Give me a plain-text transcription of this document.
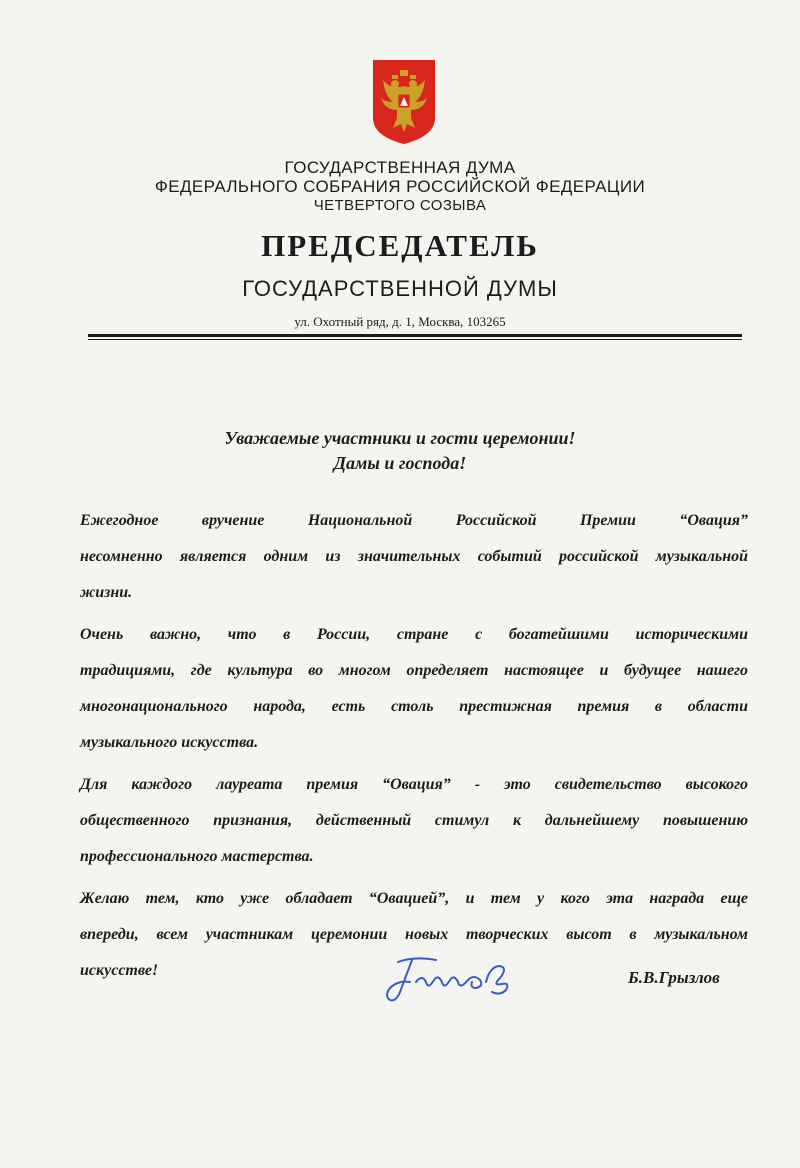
ГОСУДАРСТВЕННАЯ ДУМА
ФЕДЕРАЛЬНОГО СОБРАНИЯ РОССИЙСКОЙ ФЕДЕРАЦИИ
ЧЕТВЕРТОГО СОЗЫВА
ПРЕДСЕДАТЕЛЬ
ГОСУДАРСТВЕННОЙ ДУМЫ
ул. Охотный ряд, д. 1, Москва, 103265
Уважаемые участники и гости церемонии!
Дамы и господа!
Ежегодное вручение Национальной Российской Премии “Овация”
несомненно является одним из значительных событий российской музыкальной
жизни.
Очень важно, что в России, стране с богатейшими историческими
традициями, где культура во многом определяет настоящее и будущее нашего
многонационального народа, есть столь престижная премия в области
музыкального искусства.
Для каждого лауреата премия “Овация” - это свидетельство высокого
общественного признания, действенный стимул к дальнейшему повышению
профессионального мастерства.
Желаю тем, кто уже обладает “Овацией”, и тем у кого эта награда еще
впереди, всем участникам церемонии новых творческих высот в музыкальном
искусстве!	Б.В.Грызлов
